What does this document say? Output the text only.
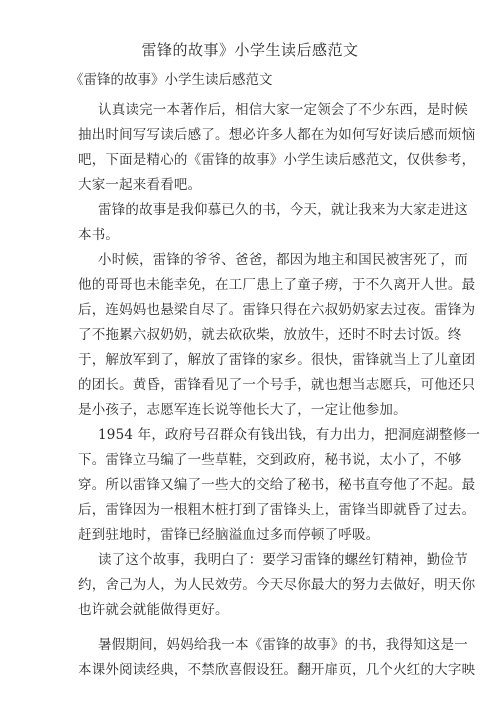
雷锋的故事》小学生读后感范文
《雷锋的故事》小学生读后感范文
认真读完一本著作后，相信大家一定领会了不少东西，是时候
抽出时间写写读后感了。想必许多人都在为如何写好读后感而烦恼
吧，下面是精心的《雷锋的故事》小学生读后感范文，仅供参考，
大家一起来看看吧。
雷锋的故事是我仰慕已久的书，今天，就让我来为大家走进这
本书。
小时候，雷锋的爷爷、爸爸，都因为地主和国民被害死了，而
他的哥哥也未能幸免，在工厂患上了童子痨，于不久离开人世。最
后，连妈妈也悬梁自尽了。雷锋只得在六叔奶奶家去过夜。雷锋为
了不拖累六叔奶奶，就去砍砍柴，放放牛，还时不时去讨饭。终
于，解放军到了，解放了雷锋的家乡。很快，雷锋就当上了儿童团
的团长。黄昏，雷锋看见了一个号手，就也想当志愿兵，可他还只
是小孩子，志愿军连长说等他长大了，一定让他参加。
1954 年，政府号召群众有钱出钱，有力出力，把洞庭湖整修一
下。雷锋立马编了一些草鞋，交到政府，秘书说，太小了，不够
穿。所以雷锋又编了一些大的交给了秘书，秘书直夸他了不起。最
后，雷锋因为一根粗木桩打到了雷锋头上，雷锋当即就昏了过去。
赶到驻地时，雷锋已经脑溢血过多而停顿了呼吸。
读了这个故事，我明白了：要学习雷锋的螺丝钉精神，勤俭节
约，舍己为人，为人民效劳。今天尽你最大的努力去做好，明天你
也许就会就能做得更好。
暑假期间，妈妈给我一本《雷锋的故事》的书，我得知这是一
本课外阅读经典，不禁欣喜假设狂。翻开扉页，几个火红的大字映
